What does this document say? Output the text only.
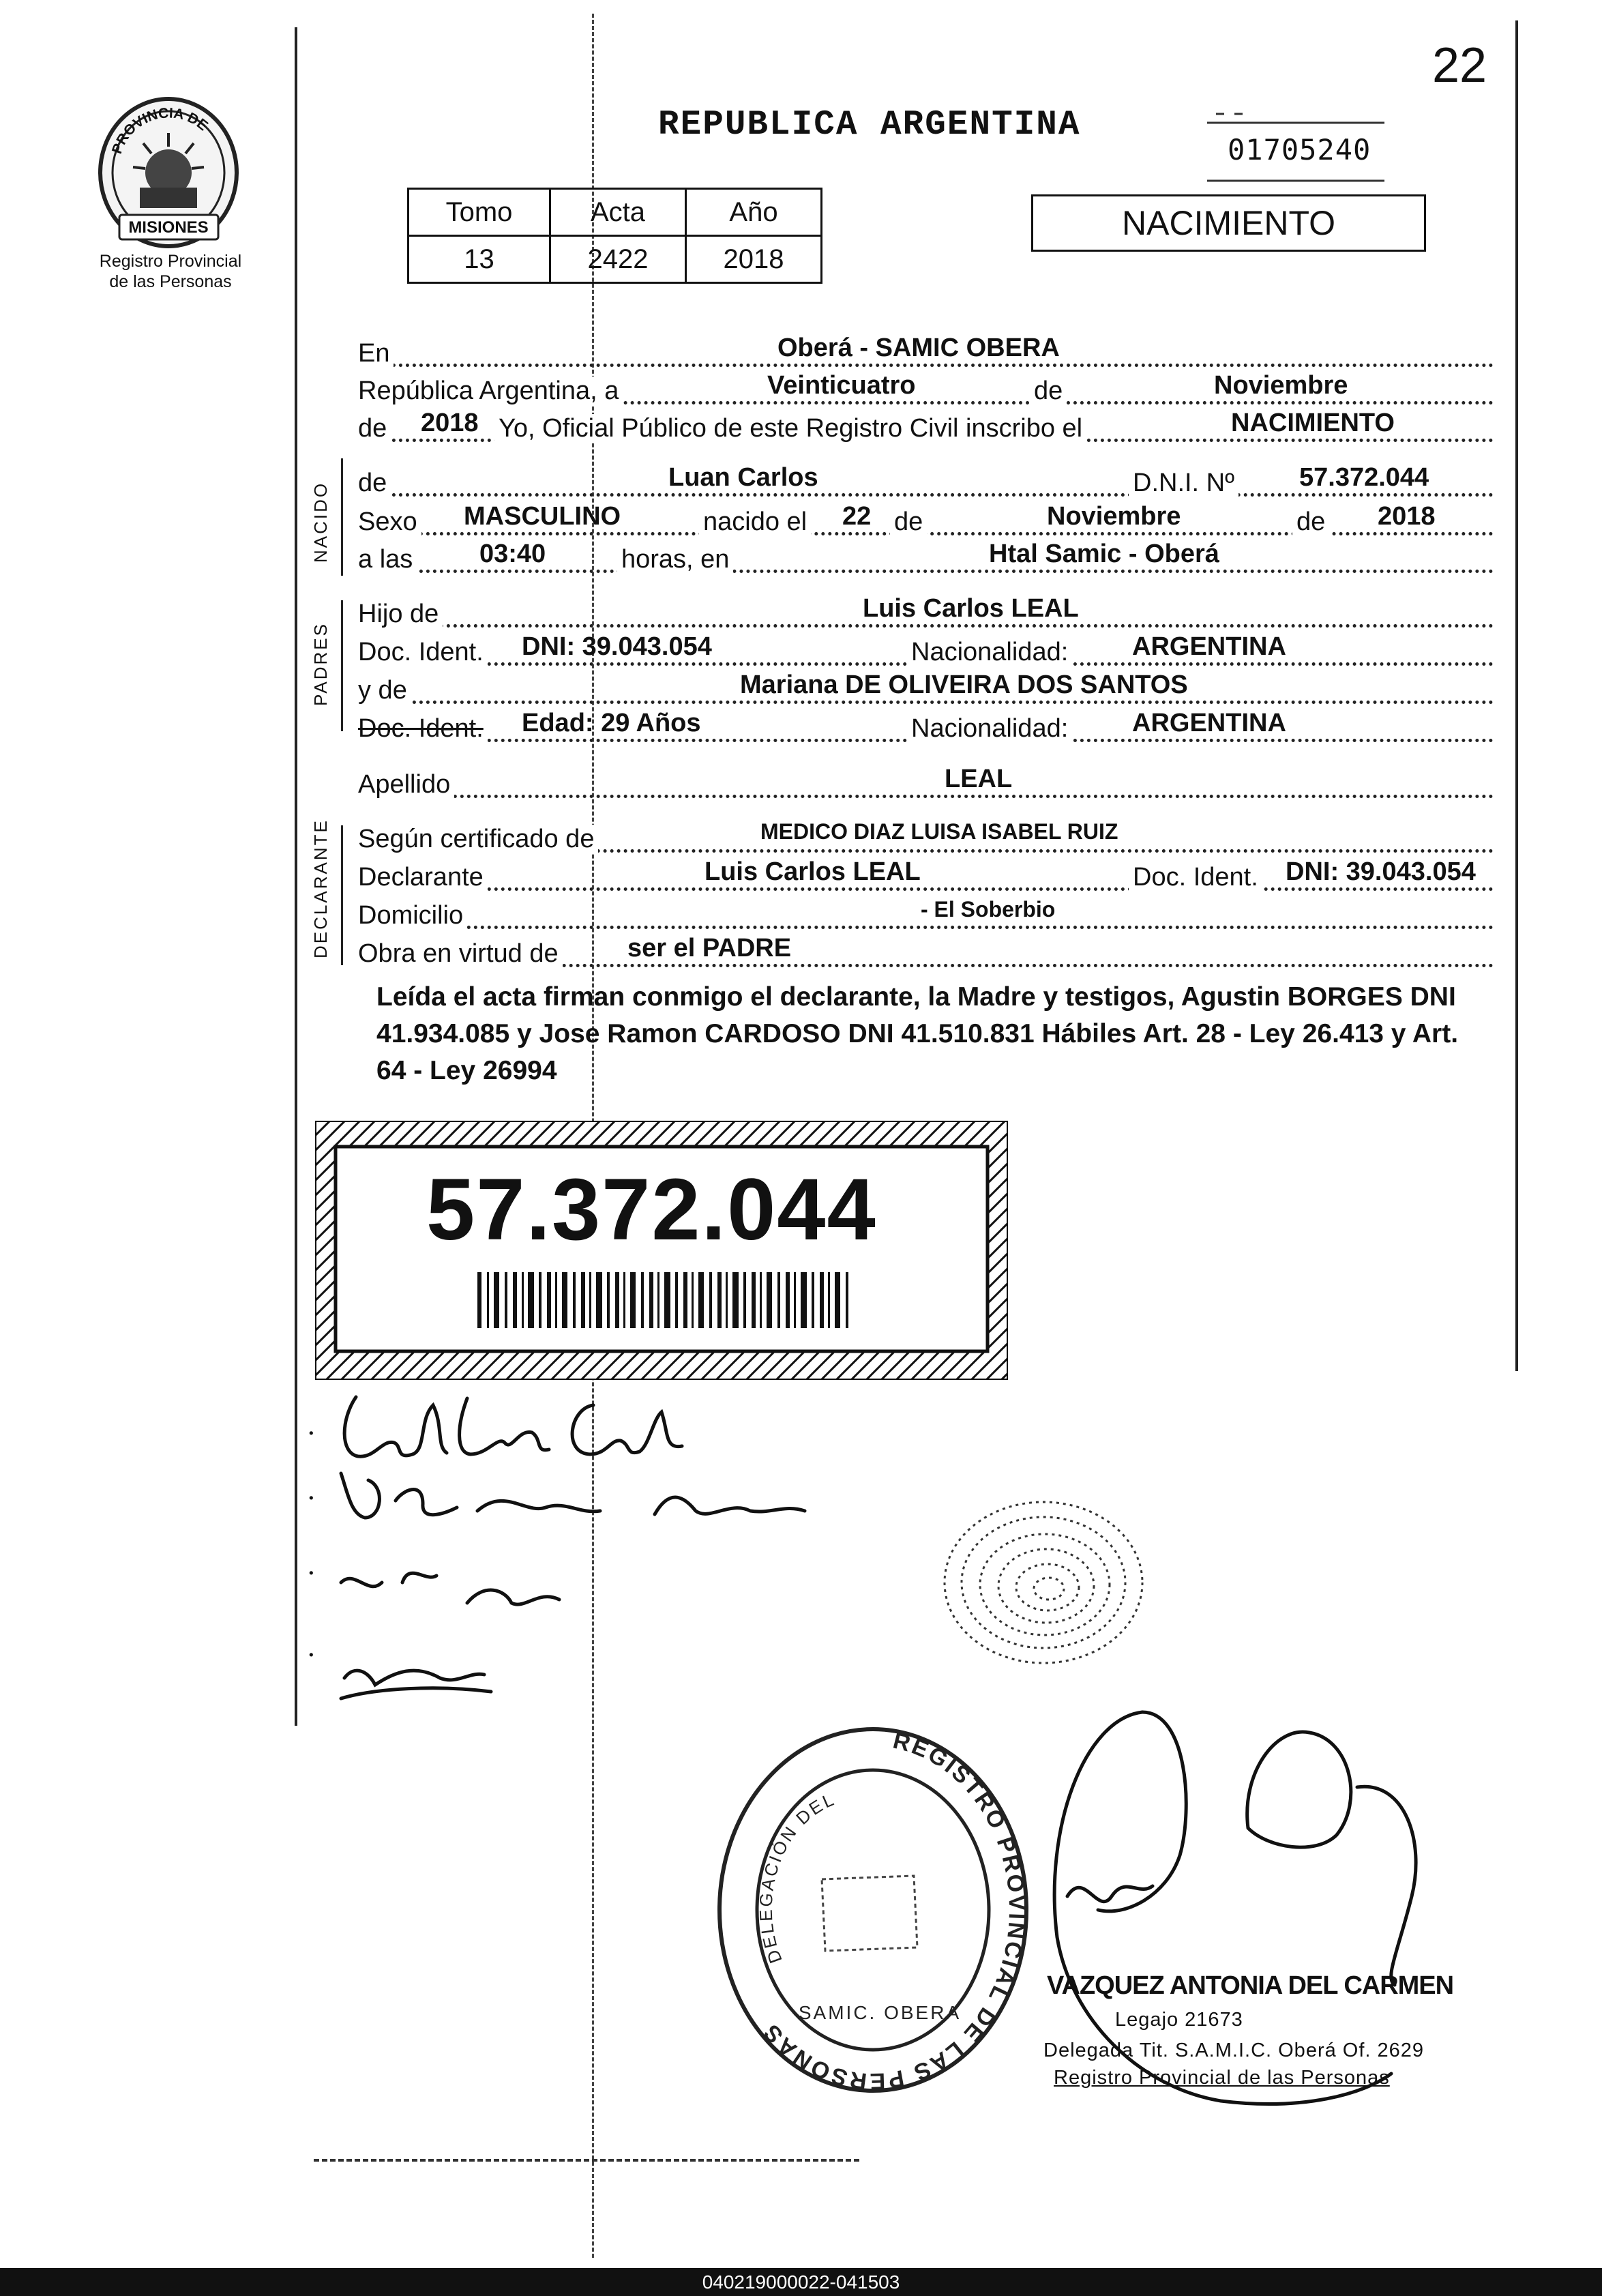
22
PROVINCIA DE
MISIONES
Registro Provincial
de las Personas
REPUBLICA ARGENTINA
01705240
Tomo	Acta	Año
13	2422	2018
NACIMIENTO
En	Oberá - SAMIC OBERA
República Argentina, a	Veinticuatro	de	Noviembre
de 2018 Yo, Oficial Público de este Registro Civil inscribo el	NACIMIENTO
NACIDO de	Luan Carlos	D.N.I. Nº	57.372.044
Sexo MASCULINO	nacido el 22 de	Noviembre	de 2018
a las	03:40	horas, en	Htal Samic - Oberá
PADRES
Hijo de	Luis Carlos LEAL
Doc. Ident. DNI: 39.043.054	Nacionalidad: ARGENTINA
y de	Mariana DE OLIVEIRA DOS SANTOS
Doc. Ident. Edad: 29 Años	Nacionalidad: ARGENTINA
Apellido	LEAL
DECLARANTE Según certificado de	MEDICO DIAZ LUISA ISABEL RUIZ
Declarante	Luis Carlos LEAL	Doc. Ident. DNI: 39.043.054
Domicilio	- El Soberbio
Obra en virtud de	ser el PADRE
Leída el acta firman conmigo el declarante, la Madre y testigos, Agustin BORGES DNI 41.934.085 y Jose Ramon CARDOSO DNI 41.510.831 Hábiles Art. 28 - Ley 26.413 y Art. 64 - Ley 26994
57.372.044
·
·
·
·
REGISTRO PROVINCIAL DE LAS PERSONAS
DELEGACIÓN DEL
SAMIC. OBERA
VAZQUEZ ANTONIA DEL CARMEN
Legajo 21673
Delegada Tit. S.A.M.I.C. Oberá Of. 2629
Registro Provincial de las Personas
040219000022-041503
